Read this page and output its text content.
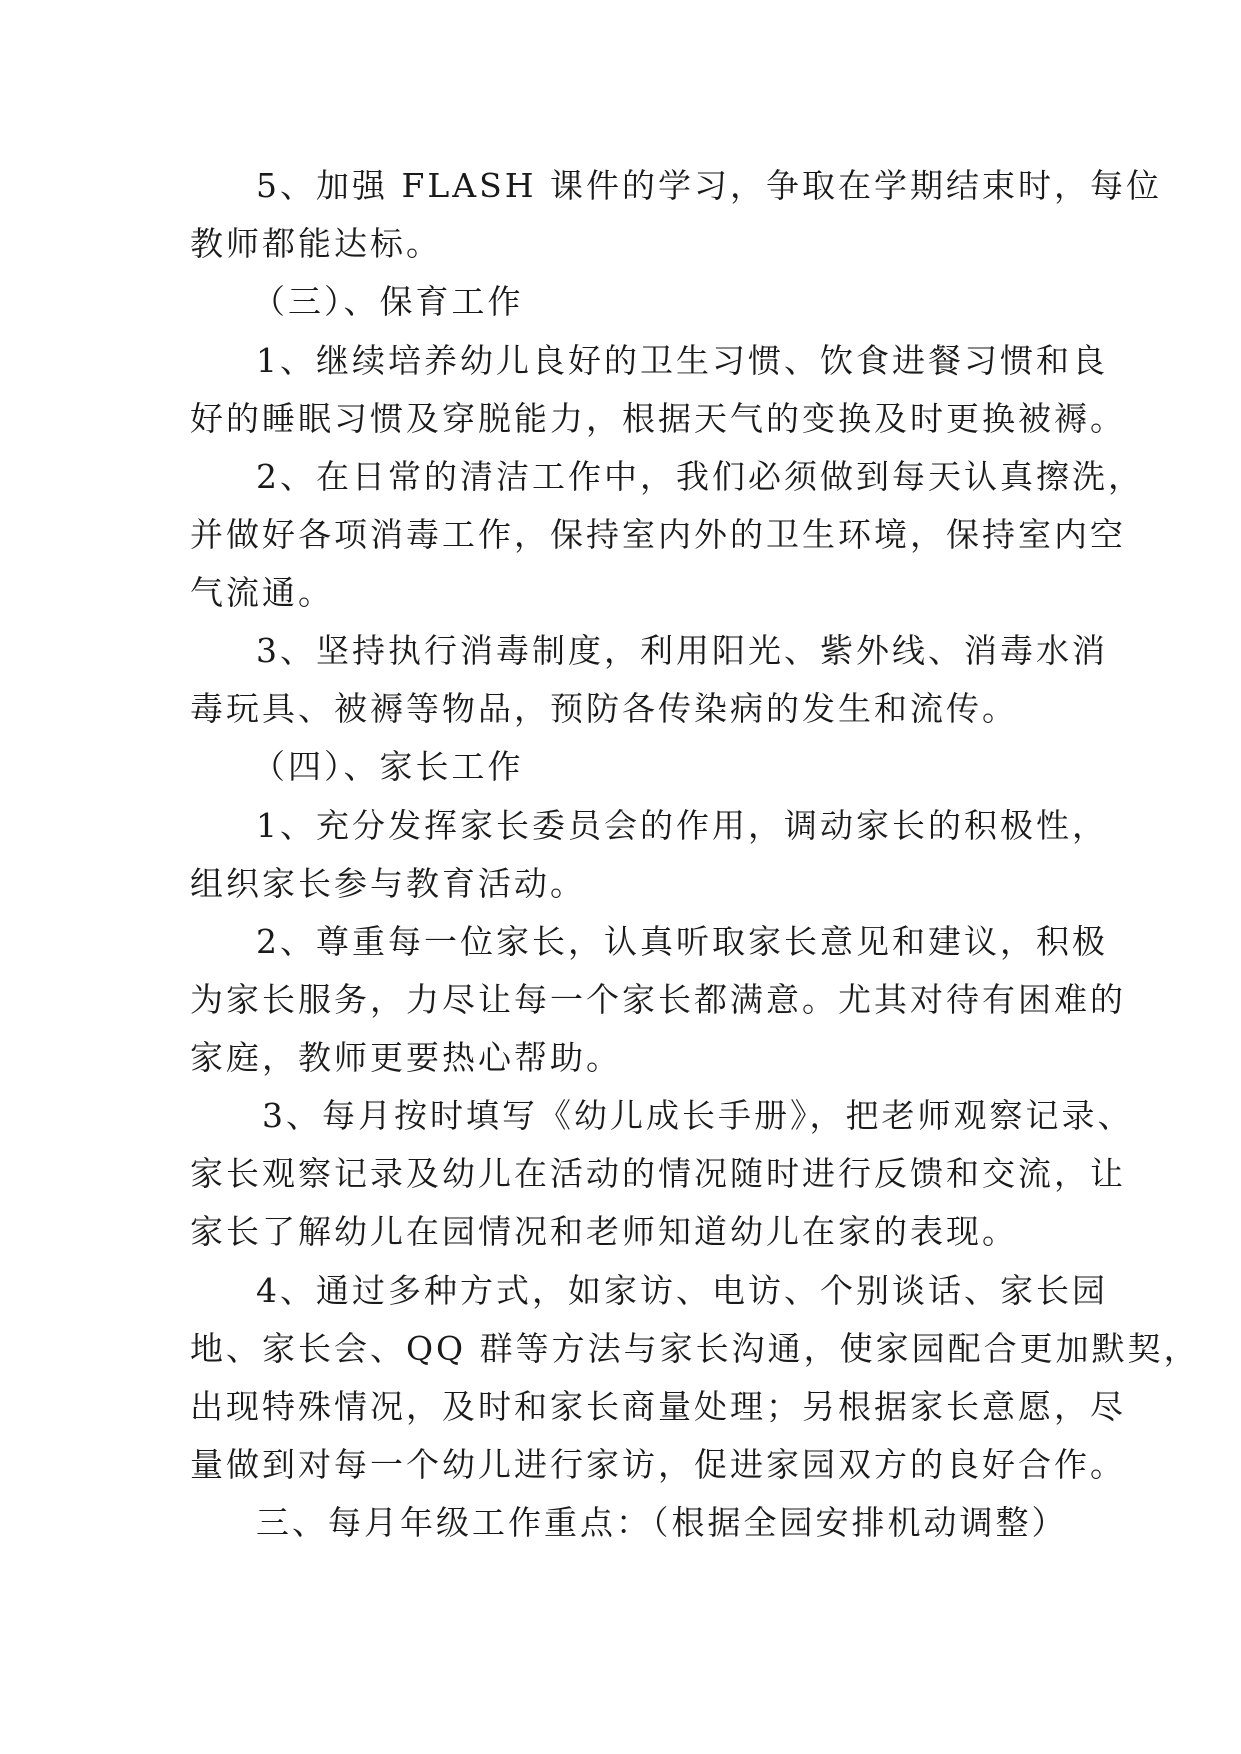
5、加强 FLASH 课件的学习，争取在学期结束时，每位
教师都能达标。
（三）、保育工作
1、继续培养幼儿良好的卫生习惯、饮食进餐习惯和良
好的睡眠习惯及穿脱能力，根据天气的变换及时更换被褥。
2、在日常的清洁工作中，我们必须做到每天认真擦洗，
并做好各项消毒工作，保持室内外的卫生环境，保持室内空
气流通。
3、坚持执行消毒制度，利用阳光、紫外线、消毒水消
毒玩具、被褥等物品，预防各传染病的发生和流传。
（四）、家长工作
1、充分发挥家长委员会的作用，调动家长的积极性，
组织家长参与教育活动。
2、尊重每一位家长，认真听取家长意见和建议，积极
为家长服务，力尽让每一个家长都满意。尤其对待有困难的
家庭，教师更要热心帮助。
3、每月按时填写《幼儿成长手册》，把老师观察记录、
家长观察记录及幼儿在活动的情况随时进行反馈和交流，让
家长了解幼儿在园情况和老师知道幼儿在家的表现。
4、通过多种方式，如家访、电访、个别谈话、家长园
地、家长会、QQ 群等方法与家长沟通，使家园配合更加默契，
出现特殊情况，及时和家长商量处理；另根据家长意愿，尽
量做到对每一个幼儿进行家访，促进家园双方的良好合作。
三、每月年级工作重点：（根据全园安排机动调整）
